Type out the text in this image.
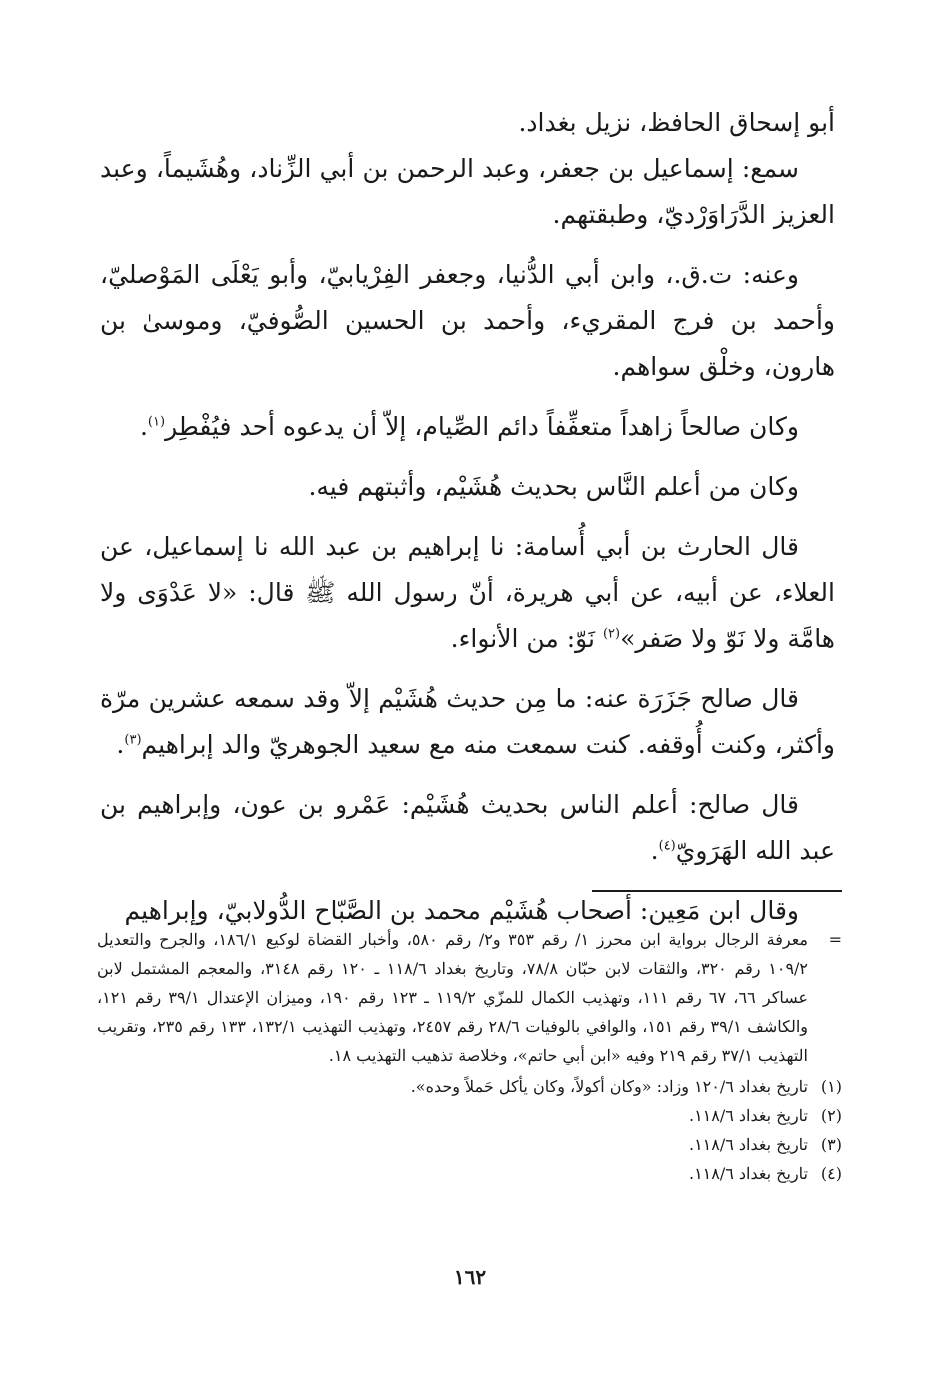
أبو إسحاق الحافظ، نزيل بغداد.

سمع: إسماعيل بن جعفر، وعبد الرحمن بن أبي الزِّناد، وهُشَيماً، وعبد العزيز الدَّرَاوَرْديّ، وطبقتهم.

وعنه: ت.ق.، وابن أبي الدُّنيا، وجعفر الفِرْيابيّ، وأبو يَعْلَى المَوْصليّ، وأحمد بن فرج المقريء، وأحمد بن الحسين الصُّوفيّ، وموسىٰ بن هارون، وخلْق سواهم.

وكان صالحاً زاهداً متعفِّفاً دائم الصِّيام، إلاّ أن يدعوه أحد فيُفْطِر$^{(١)}$.

وكان من أعلم النَّاس بحديث هُشَيْم، وأثبتهم فيه.

قال الحارث بن أبي أُسامة: نا إبراهيم بن عبد الله نا إسماعيل، عن العلاء، عن أبيه، عن أبي هريرة، أنّ رسول الله ﷺ قال: «لا عَدْوَى ولا هامَّة ولا نَوّ ولا صَفر»$^{(٢)}$ نَوّ: من الأنواء.

قال صالح جَزَرَة عنه: ما مِن حديث هُشَيْم إلاّ وقد سمعه عشرين مرّة وأكثر، وكنت أُوقفه. كنت سمعت منه مع سعيد الجوهريّ والد إبراهيم$^{(٣)}$.

قال صالح: أعلم الناس بحديث هُشَيْم: عَمْرو بن عون، وإبراهيم بن عبد الله الهَرَويّ$^{(٤)}$.

وقال ابن مَعِين: أصحاب هُشَيْم محمد بن الصَّبّاح الدُّولابيّ، وإبراهيم

=
معرفة الرجال برواية ابن محرز ١/ رقم ٣٥٣ و٢/ رقم ٥٨٠، وأخبار القضاة لوكيع ١٨٦/١، والجرح والتعديل ١٠٩/٢ رقم ٣٢٠، والثقات لابن حبّان ٧٨/٨، وتاريخ بغداد ١١٨/٦ ـ ١٢٠ رقم ٣١٤٨، والمعجم المشتمل لابن عساكر ٦٦، ٦٧ رقم ١١١، وتهذيب الكمال للمزّي ١١٩/٢ ـ ١٢٣ رقم ١٩٠، وميزان الإعتدال ٣٩/١ رقم ١٢١، والكاشف ٣٩/١ رقم ١٥١، والوافي بالوفيات ٢٨/٦ رقم ٢٤٥٧، وتهذيب التهذيب ١٣٢/١، ١٣٣ رقم ٢٣٥، وتقريب التهذيب ٣٧/١ رقم ٢١٩ وفيه «ابن أبي حاتم»، وخلاصة تذهيب التهذيب ١٨.
(١)
تاريخ بغداد ١٢٠/٦ وزاد: «وكان أكولاً، وكان يأكل حَملاً وحده».
(٢)
تاريخ بغداد ١١٨/٦.
(٣)
تاريخ بغداد ١١٨/٦.
(٤)
تاريخ بغداد ١١٨/٦.
١٦٢
